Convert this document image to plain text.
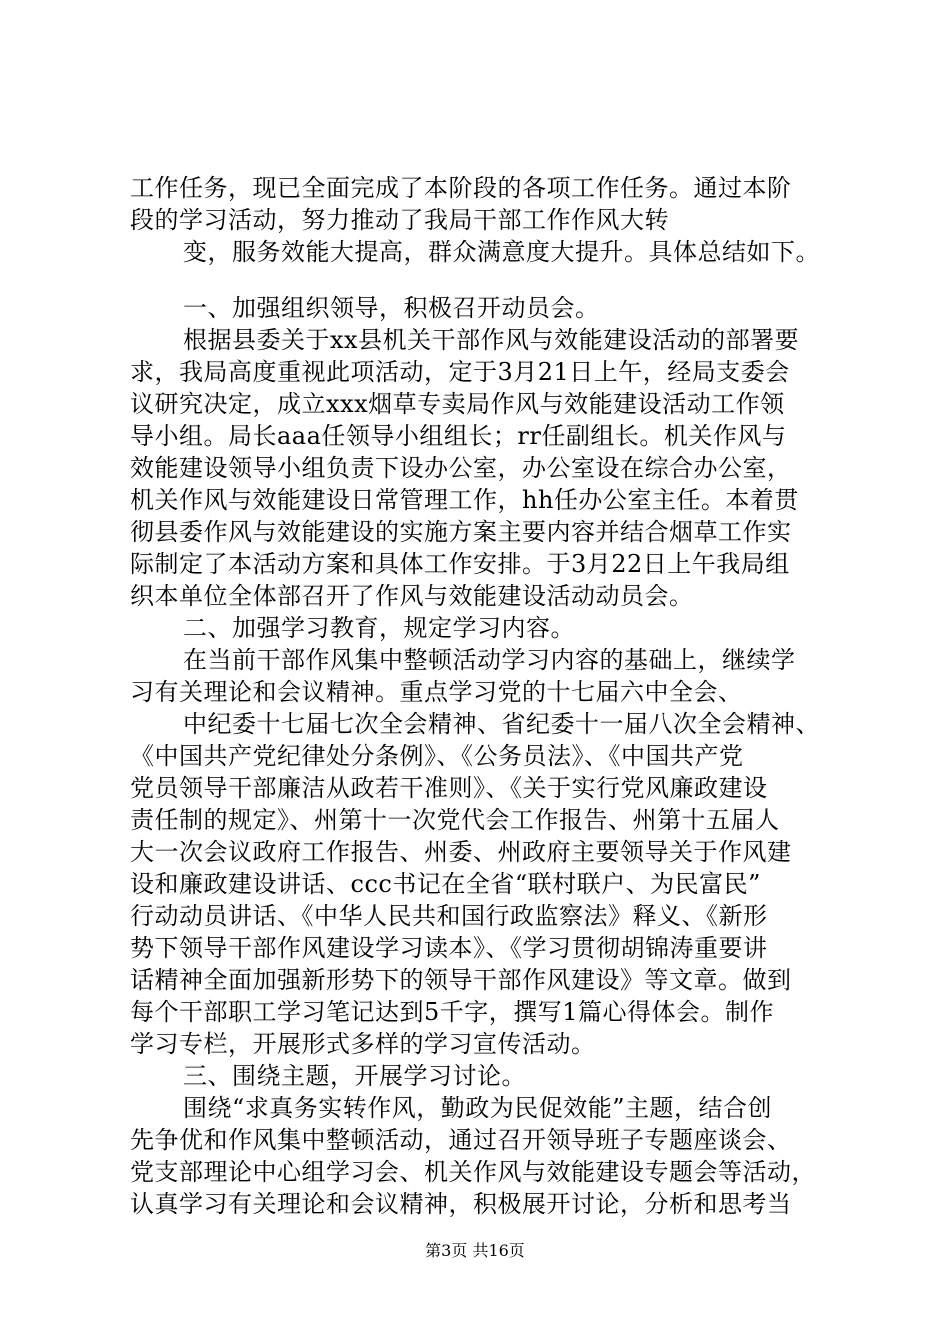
工作任务，现已全面完成了本阶段的各项工作任务。通过本阶
段的学习活动，努力推动了我局干部工作作风大转
变，服务效能大提高，群众满意度大提升。具体总结如下。
一、加强组织领导，积极召开动员会。
根据县委关于xx县机关干部作风与效能建设活动的部署要
求，我局高度重视此项活动，定于3月21日上午，经局支委会
议研究决定，成立xxx烟草专卖局作风与效能建设活动工作领
导小组。局长aaa任领导小组组长；rr任副组长。机关作风与
效能建设领导小组负责下设办公室，办公室设在综合办公室，
机关作风与效能建设日常管理工作，hh任办公室主任。本着贯
彻县委作风与效能建设的实施方案主要内容并结合烟草工作实
际制定了本活动方案和具体工作安排。于3月22日上午我局组
织本单位全体部召开了作风与效能建设活动动员会。
二、加强学习教育，规定学习内容。
在当前干部作风集中整顿活动学习内容的基础上，继续学
习有关理论和会议精神。重点学习党的十七届六中全会、
中纪委十七届七次全会精神、省纪委十一届八次全会精神、
《中国共产党纪律处分条例》、《公务员法》、《中国共产党
党员领导干部廉洁从政若干准则》、《关于实行党风廉政建设
责任制的规定》、州第十一次党代会工作报告、州第十五届人
大一次会议政府工作报告、州委、州政府主要领导关于作风建
设和廉政建设讲话、ccc书记在全省“联村联户、为民富民”
行动动员讲话、《中华人民共和国行政监察法》释义、《新形
势下领导干部作风建设学习读本》、《学习贯彻胡锦涛重要讲
话精神全面加强新形势下的领导干部作风建设》等文章。做到
每个干部职工学习笔记达到5千字，撰写1篇心得体会。制作
学习专栏，开展形式多样的学习宣传活动。
三、围绕主题，开展学习讨论。
围绕“求真务实转作风，勤政为民促效能”主题，结合创
先争优和作风集中整顿活动，通过召开领导班子专题座谈会、
党支部理论中心组学习会、机关作风与效能建设专题会等活动，
认真学习有关理论和会议精神，积极展开讨论，分析和思考当
第3页 共16页
